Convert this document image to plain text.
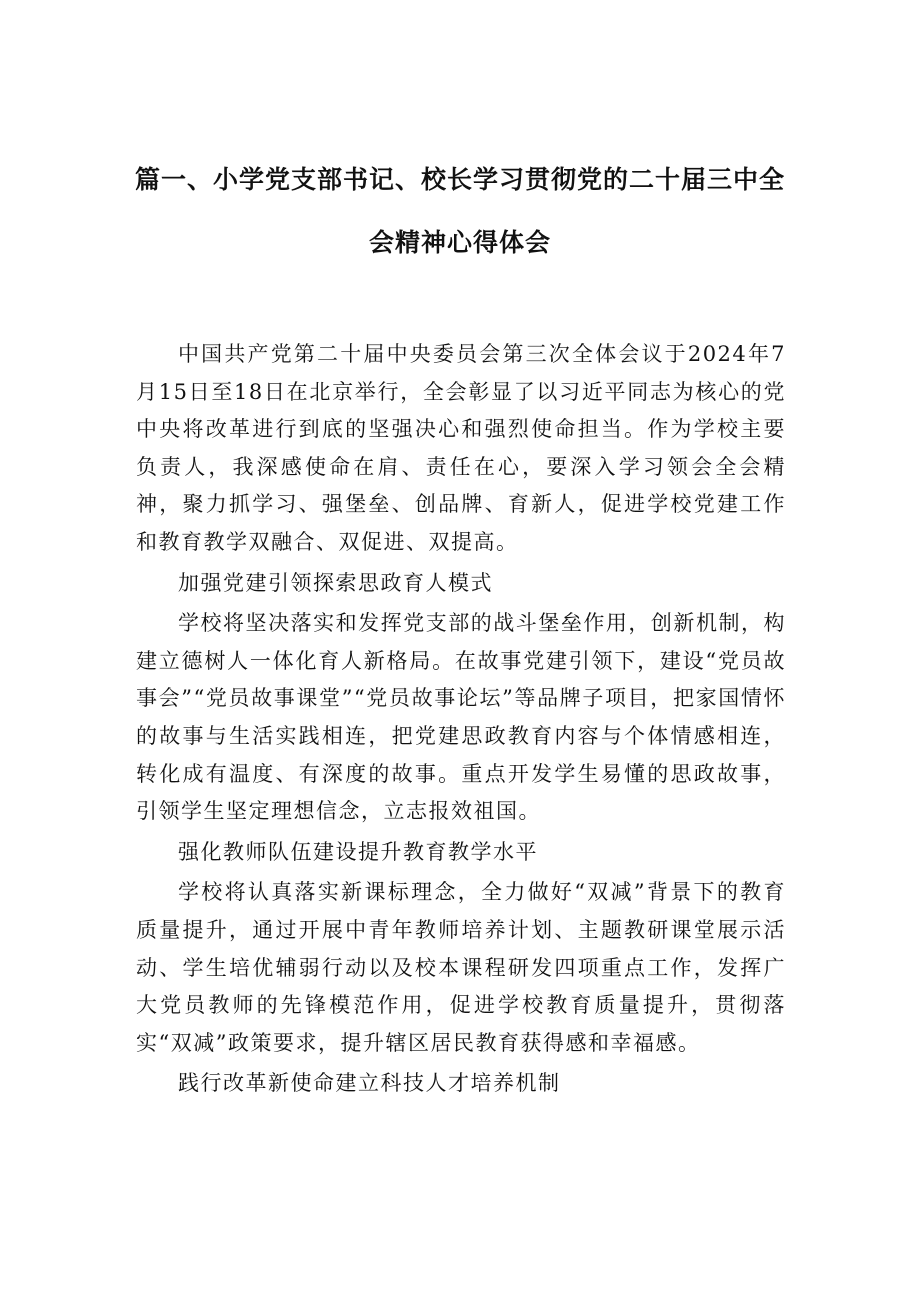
篇一、小学党支部书记、校长学习贯彻党的二十届三中全
会精神心得体会

中国共产党第二十届中央委员会第三次全体会议于2024年7月15日至18日在北京举行，全会彰显了以习近平同志为核心的党中央将改革进行到底的坚强决心和强烈使命担当。作为学校主要负责人，我深感使命在肩、责任在心，要深入学习领会全会精神，聚力抓学习、强堡垒、创品牌、育新人，促进学校党建工作和教育教学双融合、双促进、双提高。

加强党建引领探索思政育人模式

学校将坚决落实和发挥党支部的战斗堡垒作用，创新机制，构建立德树人一体化育人新格局。在故事党建引领下，建设“党员故事会”“党员故事课堂”“党员故事论坛”等品牌子项目，把家国情怀的故事与生活实践相连，把党建思政教育内容与个体情感相连，转化成有温度、有深度的故事。重点开发学生易懂的思政故事，引领学生坚定理想信念，立志报效祖国。

强化教师队伍建设提升教育教学水平

学校将认真落实新课标理念，全力做好“双减”背景下的教育质量提升，通过开展中青年教师培养计划、主题教研课堂展示活动、学生培优辅弱行动以及校本课程研发四项重点工作，发挥广大党员教师的先锋模范作用，促进学校教育质量提升，贯彻落实“双减”政策要求，提升辖区居民教育获得感和幸福感。

践行改革新使命建立科技人才培养机制
